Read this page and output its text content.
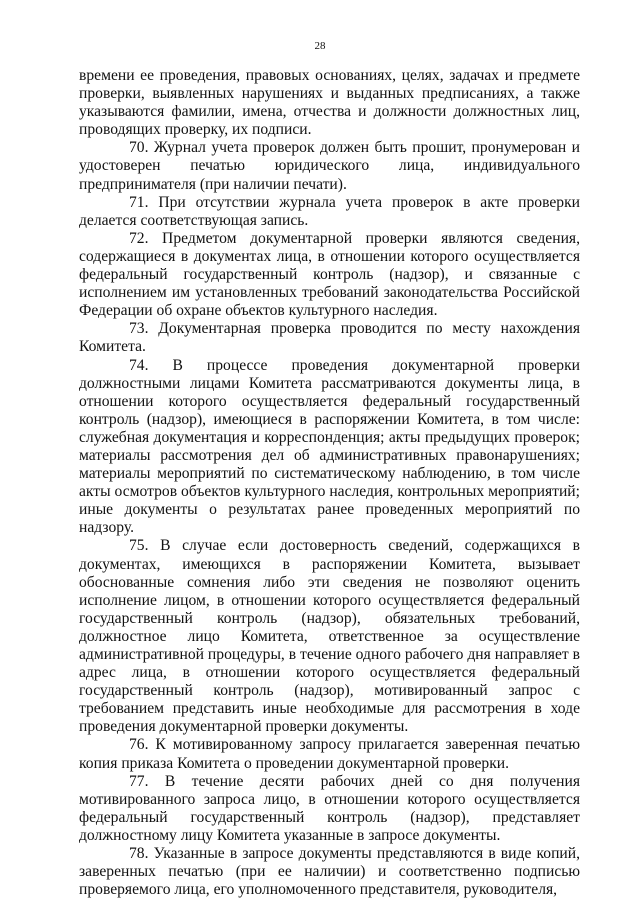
28

времени ее проведения, правовых основаниях, целях, задачах и предмете проверки, выявленных нарушениях и выданных предписаниях, а также указываются фамилии, имена, отчества и должности должностных лиц, проводящих проверку, их подписи.

70. Журнал учета проверок должен быть прошит, пронумерован и удостоверен печатью юридического лица, индивидуального предпринимателя (при наличии печати).

71. При отсутствии журнала учета проверок в акте проверки делается соответствующая запись.

72. Предметом документарной проверки являются сведения, содержащиеся в документах лица, в отношении которого осуществляется федеральный государственный контроль (надзор), и связанные с исполнением им установленных требований законодательства Российской Федерации об охране объектов культурного наследия.

73. Документарная проверка проводится по месту нахождения Комитета.

74. В процессе проведения документарной проверки должностными лицами Комитета рассматриваются документы лица, в отношении которого осуществляется федеральный государственный контроль (надзор), имеющиеся в распоряжении Комитета, в том числе: служебная документация и корреспонденция; акты предыдущих проверок; материалы рассмотрения дел об административных правонарушениях; материалы мероприятий по систематическому наблюдению, в том числе акты осмотров объектов культурного наследия, контрольных мероприятий; иные документы о результатах ранее проведенных мероприятий по надзору.

75. В случае если достоверность сведений, содержащихся в документах, имеющихся в распоряжении Комитета, вызывает обоснованные сомнения либо эти сведения не позволяют оценить исполнение лицом, в отношении которого осуществляется федеральный государственный контроль (надзор), обязательных требований, должностное лицо Комитета, ответственное за осуществление административной процедуры, в течение одного рабочего дня направляет в адрес лица, в отношении которого осуществляется федеральный государственный контроль (надзор), мотивированный запрос с требованием представить иные необходимые для рассмотрения в ходе проведения документарной проверки документы.

76. К мотивированному запросу прилагается заверенная печатью копия приказа Комитета о проведении документарной проверки.

77. В течение десяти рабочих дней со дня получения мотивированного запроса лицо, в отношении которого осуществляется федеральный государственный контроль (надзор), представляет должностному лицу Комитета указанные в запросе документы.

78. Указанные в запросе документы представляются в виде копий, заверенных печатью (при ее наличии) и соответственно подписью проверяемого лица, его уполномоченного представителя, руководителя,
